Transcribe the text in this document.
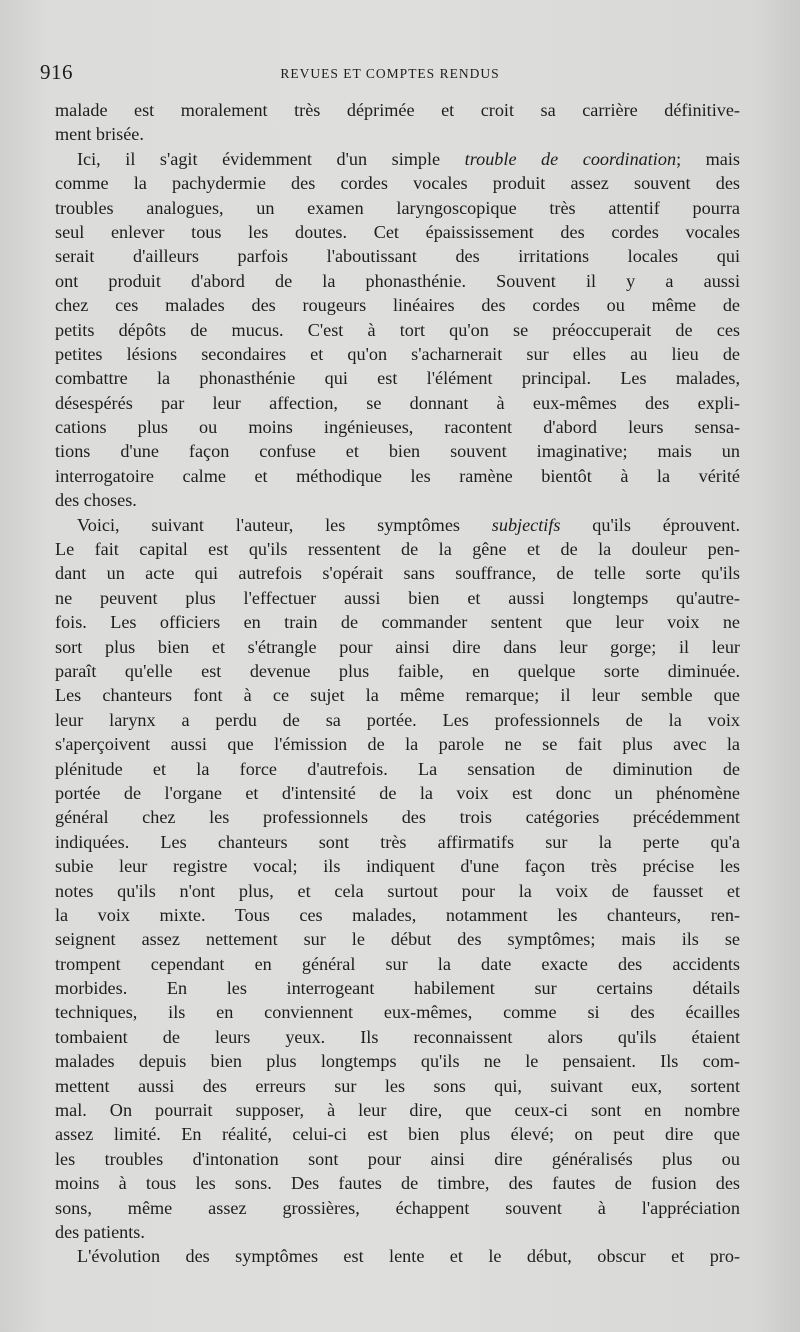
916	REVUES ET COMPTES RENDUS
malade est moralement très déprimée et croit sa carrière définitive-
ment brisée.
Ici, il s'agit évidemment d'un simple trouble de coordination; mais
comme la pachydermie des cordes vocales produit assez souvent des
troubles analogues, un examen laryngoscopique très attentif pourra
seul enlever tous les doutes. Cet épaississement des cordes vocales
serait d'ailleurs parfois l'aboutissant des irritations locales qui
ont produit d'abord de la phonasthénie. Souvent il y a aussi
chez ces malades des rougeurs linéaires des cordes ou même de
petits dépôts de mucus. C'est à tort qu'on se préoccuperait de ces
petites lésions secondaires et qu'on s'acharnerait sur elles au lieu de
combattre la phonasthénie qui est l'élément principal. Les malades,
désespérés par leur affection, se donnant à eux-mêmes des expli-
cations plus ou moins ingénieuses, racontent d'abord leurs sensa-
tions d'une façon confuse et bien souvent imaginative; mais un
interrogatoire calme et méthodique les ramène bientôt à la vérité
des choses.
Voici, suivant l'auteur, les symptômes subjectifs qu'ils éprouvent.
Le fait capital est qu'ils ressentent de la gêne et de la douleur pen-
dant un acte qui autrefois s'opérait sans souffrance, de telle sorte qu'ils
ne peuvent plus l'effectuer aussi bien et aussi longtemps qu'autre-
fois. Les officiers en train de commander sentent que leur voix ne
sort plus bien et s'étrangle pour ainsi dire dans leur gorge; il leur
paraît qu'elle est devenue plus faible, en quelque sorte diminuée.
Les chanteurs font à ce sujet la même remarque; il leur semble que
leur larynx a perdu de sa portée. Les professionnels de la voix
s'aperçoivent aussi que l'émission de la parole ne se fait plus avec la
plénitude et la force d'autrefois. La sensation de diminution de
portée de l'organe et d'intensité de la voix est donc un phénomène
général chez les professionnels des trois catégories précédemment
indiquées. Les chanteurs sont très affirmatifs sur la perte qu'a
subie leur registre vocal; ils indiquent d'une façon très précise les
notes qu'ils n'ont plus, et cela surtout pour la voix de fausset et
la voix mixte. Tous ces malades, notamment les chanteurs, ren-
seignent assez nettement sur le début des symptômes; mais ils se
trompent cependant en général sur la date exacte des accidents
morbides. En les interrogeant habilement sur certains détails
techniques, ils en conviennent eux-mêmes, comme si des écailles
tombaient de leurs yeux. Ils reconnaissent alors qu'ils étaient
malades depuis bien plus longtemps qu'ils ne le pensaient. Ils com-
mettent aussi des erreurs sur les sons qui, suivant eux, sortent
mal. On pourrait supposer, à leur dire, que ceux-ci sont en nombre
assez limité. En réalité, celui-ci est bien plus élevé; on peut dire que
les troubles d'intonation sont pour ainsi dire généralisés plus ou
moins à tous les sons. Des fautes de timbre, des fautes de fusion des
sons, même assez grossières, échappent souvent à l'appréciation
des patients.
L'évolution des symptômes est lente et le début, obscur et pro-
